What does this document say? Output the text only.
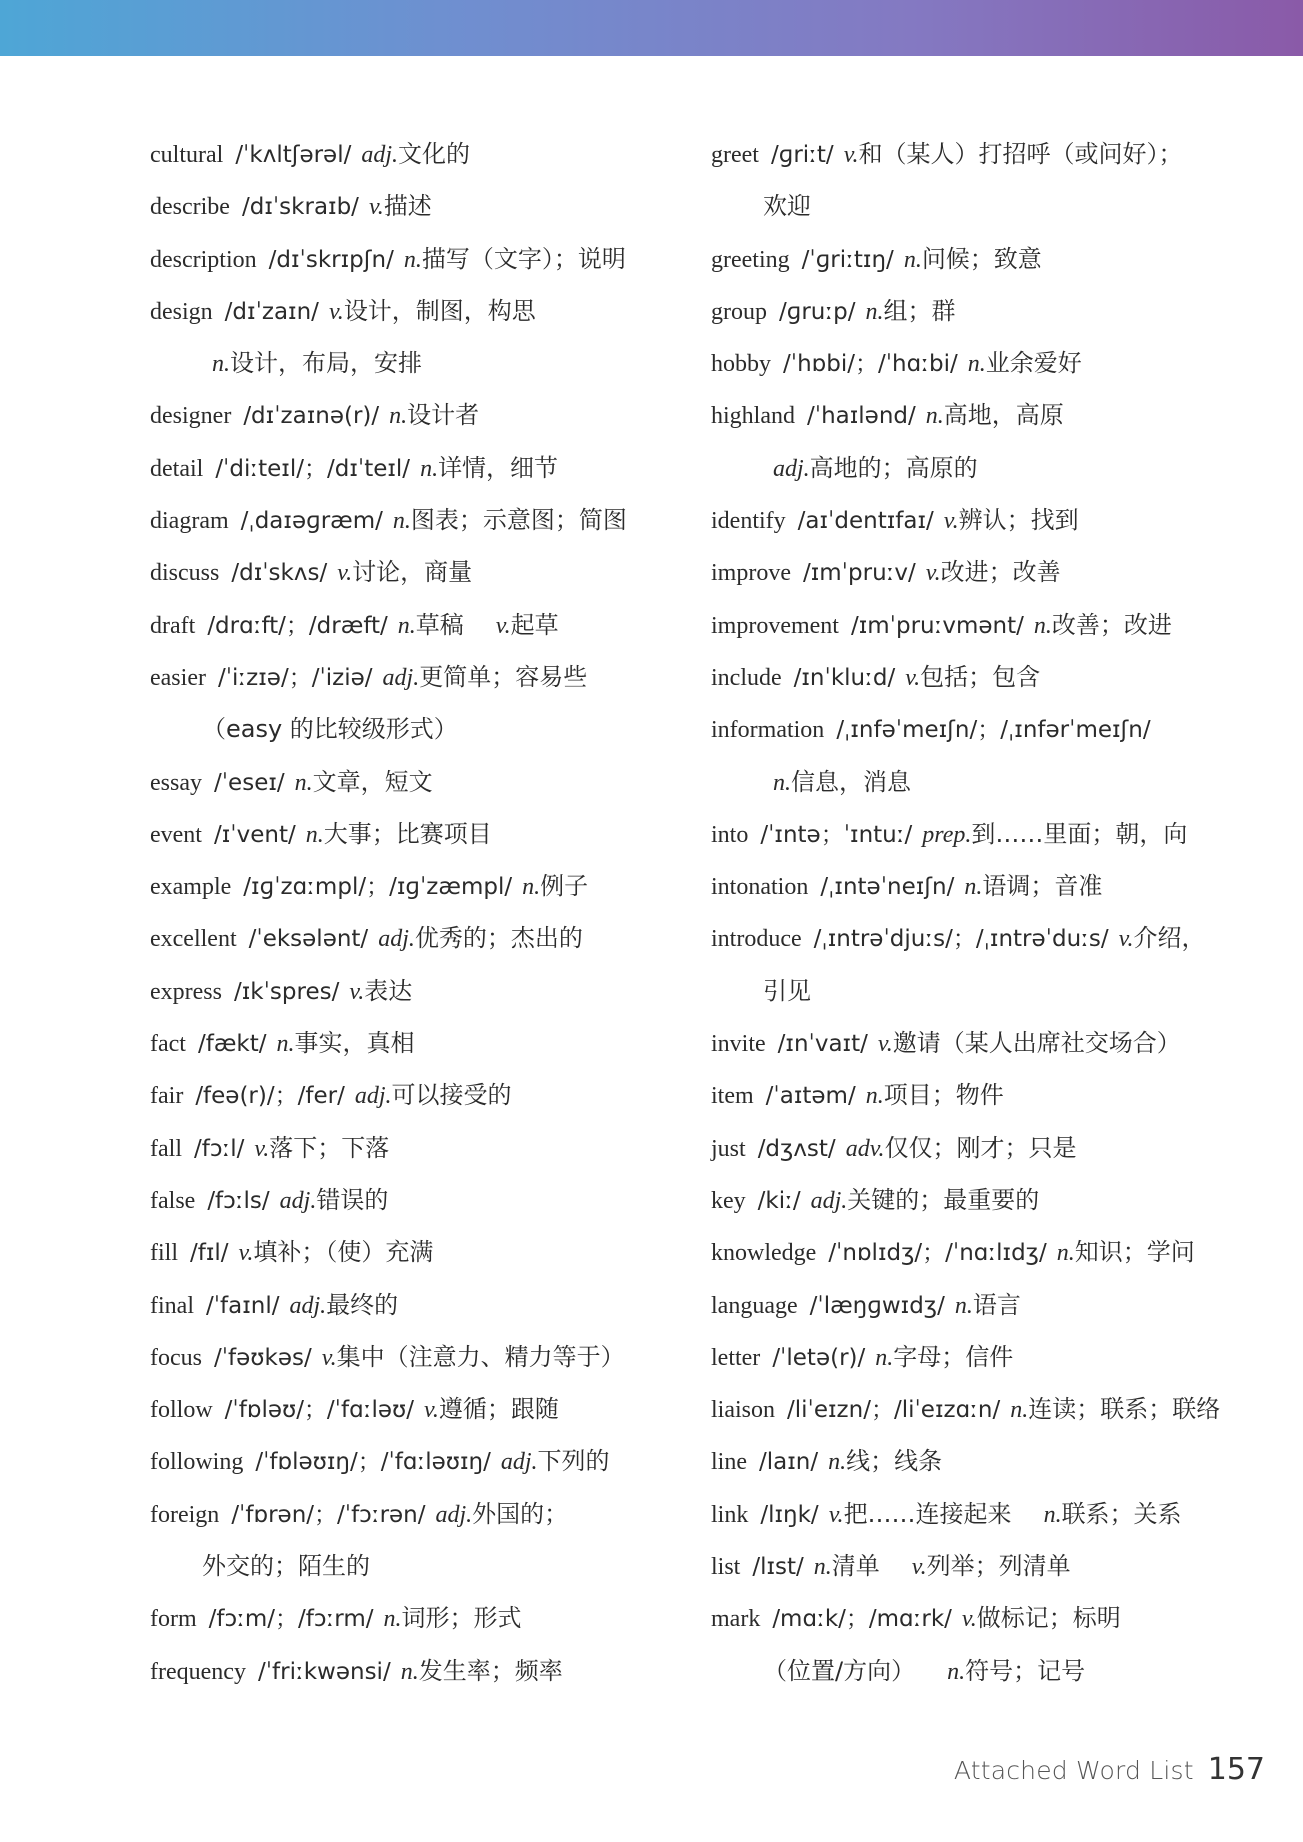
cultural /ˈkʌltʃərəl/ adj.文化的
describe /dɪˈskraɪb/ v.描述
description /dɪˈskrɪpʃn/ n.描写（文字）；说明
design /dɪˈzaɪn/ v.设计，制图，构思
n.设计，布局，安排
designer /dɪˈzaɪnə(r)/ n.设计者
detail /ˈdiːteɪl/；/dɪˈteɪl/ n.详情，细节
diagram /ˌdaɪəɡræm/ n.图表；示意图；简图
discuss /dɪˈskʌs/ v.讨论，商量
draft /drɑːft/；/dræft/ n.草稿 v.起草
easier /ˈiːzɪə/；/ˈiziə/ adj.更简单；容易些
（easy 的比较级形式）
essay /ˈeseɪ/ n.文章，短文
event /ɪˈvent/ n.大事；比赛项目
example /ɪɡˈzɑːmpl/；/ɪɡˈzæmpl/ n.例子
excellent /ˈeksələnt/ adj.优秀的；杰出的
express /ɪkˈspres/ v.表达
fact /fækt/ n.事实，真相
fair /feə(r)/；/fer/ adj.可以接受的
fall /fɔːl/ v.落下；下落
false /fɔːls/ adj.错误的
fill /fɪl/ v.填补；（使）充满
final /ˈfaɪnl/ adj.最终的
focus /ˈfəʊkəs/ v.集中（注意力、精力等于）
follow /ˈfɒləʊ/；/ˈfɑːləʊ/ v.遵循；跟随
following /ˈfɒləʊɪŋ/；/ˈfɑːləʊɪŋ/ adj.下列的
foreign /ˈfɒrən/；/ˈfɔːrən/ adj.外国的；
外交的；陌生的
form /fɔːm/；/fɔːrm/ n.词形；形式
frequency /ˈfriːkwənsi/ n.发生率；频率
greet /ɡriːt/ v.和（某人）打招呼（或问好）；
欢迎
greeting /ˈɡriːtɪŋ/ n.问候；致意
group /ɡruːp/ n.组；群
hobby /ˈhɒbi/；/ˈhɑːbi/ n.业余爱好
highland /ˈhaɪlənd/ n.高地，高原
adj.高地的；高原的
identify /aɪˈdentɪfaɪ/ v.辨认；找到
improve /ɪmˈpruːv/ v.改进；改善
improvement /ɪmˈpruːvmənt/ n.改善；改进
include /ɪnˈkluːd/ v.包括；包含
information /ˌɪnfəˈmeɪʃn/；/ˌɪnfərˈmeɪʃn/
n.信息，消息
into /ˈɪntə；ˈɪntuː/ prep.到……里面；朝，向
intonation /ˌɪntəˈneɪʃn/ n.语调；音准
introduce /ˌɪntrəˈdjuːs/；/ˌɪntrəˈduːs/ v.介绍，
引见
invite /ɪnˈvaɪt/ v.邀请（某人出席社交场合）
item /ˈaɪtəm/ n.项目；物件
just /dʒʌst/ adv.仅仅；刚才；只是
key /kiː/ adj.关键的；最重要的
knowledge /ˈnɒlɪdʒ/；/ˈnɑːlɪdʒ/ n.知识；学问
language /ˈlæŋɡwɪdʒ/ n.语言
letter /ˈletə(r)/ n.字母；信件
liaison /liˈeɪzn/；/liˈeɪzɑːn/ n.连读；联系；联络
line /laɪn/ n.线；线条
link /lɪŋk/ v.把……连接起来 n.联系；关系
list /lɪst/ n.清单 v.列举；列清单
mark /mɑːk/；/mɑːrk/ v.做标记；标明
（位置/方向） n.符号；记号
Attached Word List 157
